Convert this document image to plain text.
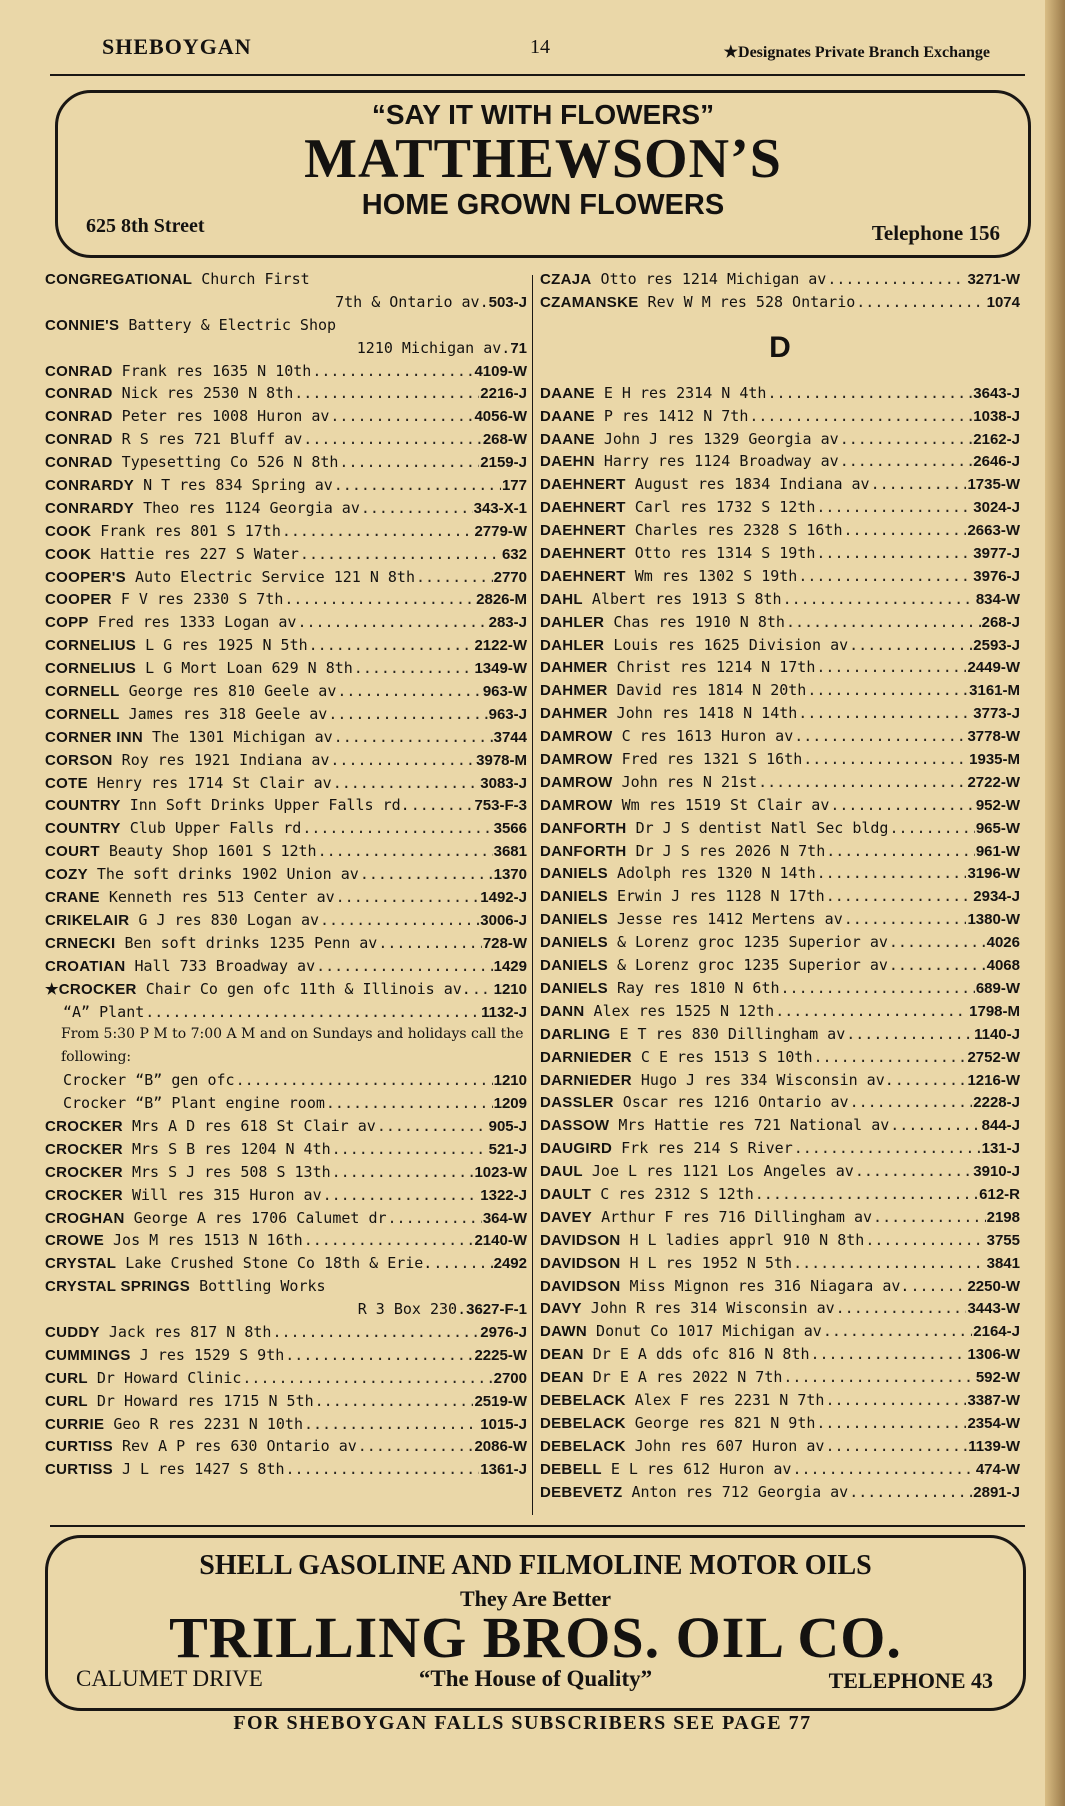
SHEBOYGAN	14	★Designates Private Branch Exchange
“SAY IT WITH FLOWERS”
MATTHEWSON’S
HOME GROWN FLOWERS
625 8th Street	Telephone 156
CONGREGATIONAL Church First
7th & Ontario av.503-J
CONNIE'S Battery & Electric Shop
1210 Michigan av.71
CONRAD Frank res 1635 N 10th .....	4109-W
CONRAD Nick res 2530 N 8th .....	2216-J
CONRAD Peter res 1008 Huron av .....	4056-W
CONRAD R S res 721 Bluff av .....	268-W
CONRAD Typesetting Co 526 N 8th .....	2159-J
CONRARDY N T res 834 Spring av .....	177
CONRARDY Theo res 1124 Georgia av .....	343-X-1
COOK Frank res 801 S 17th .....	2779-W
COOK Hattie res 227 S Water .....	632
COOPER'S Auto Electric Service 121 N 8th .....	2770
COOPER F V res 2330 S 7th .....	2826-M
COPP Fred res 1333 Logan av .....	283-J
CORNELIUS L G res 1925 N 5th .....	2122-W
CORNELIUS L G Mort Loan 629 N 8th .....	1349-W
CORNELL George res 810 Geele av .....	963-W
CORNELL James res 318 Geele av .....	963-J
CORNER INN The 1301 Michigan av .....	3744
CORSON Roy res 1921 Indiana av .....	3978-M
COTE Henry res 1714 St Clair av .....	3083-J
COUNTRY Inn Soft Drinks Upper Falls rd. .....	753-F-3
COUNTRY Club Upper Falls rd .....	3566
COURT Beauty Shop 1601 S 12th .....	3681
COZY The soft drinks 1902 Union av .....	1370
CRANE Kenneth res 513 Center av .....	1492-J
CRIKELAIR G J res 830 Logan av .....	3006-J
CRNECKI Ben soft drinks 1235 Penn av .....	728-W
CROATIAN Hall 733 Broadway av .....	1429
★CROCKER Chair Co gen ofc 11th & Illinois av. ..... 1210
“A” Plant .....	1132-J
From 5:30 P M to 7:00 A M and on Sundays and holidays call the following:
Crocker “B” gen ofc .....	1210
Crocker “B” Plant engine room .....	1209
CROCKER Mrs A D res 618 St Clair av .....	905-J
CROCKER Mrs S B res 1204 N 4th .....	521-J
CROCKER Mrs S J res 508 S 13th .....	1023-W
CROCKER Will res 315 Huron av .....	1322-J
CROGHAN George A res 1706 Calumet dr .....	364-W
CROWE Jos M res 1513 N 16th .....	2140-W
CRYSTAL Lake Crushed Stone Co 18th & Erie. .....	2492
CRYSTAL SPRINGS Bottling Works
R 3 Box 230.3627-F-1
CUDDY Jack res 817 N 8th .....	2976-J
CUMMINGS J res 1529 S 9th .....	2225-W
CURL Dr Howard Clinic .....	2700
CURL Dr Howard res 1715 N 5th .....	2519-W
CURRIE Geo R res 2231 N 10th .....	1015-J
CURTISS Rev A P res 630 Ontario av .....	2086-W
CURTISS J L res 1427 S 8th .....	1361-J
CZAJA Otto res 1214 Michigan av .....	3271-W
CZAMANSKE Rev W M res 528 Ontario .....	1074
D
DAANE E H res 2314 N 4th .....	3643-J
DAANE P res 1412 N 7th .....	1038-J
DAANE John J res 1329 Georgia av .....	2162-J
DAEHN Harry res 1124 Broadway av .....	2646-J
DAEHNERT August res 1834 Indiana av .....	1735-W
DAEHNERT Carl res 1732 S 12th .....	3024-J
DAEHNERT Charles res 2328 S 16th .....	2663-W
DAEHNERT Otto res 1314 S 19th .....	3977-J
DAEHNERT Wm res 1302 S 19th .....	3976-J
DAHL Albert res 1913 S 8th .....	834-W
DAHLER Chas res 1910 N 8th .....	268-J
DAHLER Louis res 1625 Division av .....	2593-J
DAHMER Christ res 1214 N 17th .....	2449-W
DAHMER David res 1814 N 20th .....	3161-M
DAHMER John res 1418 N 14th .....	3773-J
DAMROW C res 1613 Huron av .....	3778-W
DAMROW Fred res 1321 S 16th .....	1935-M
DAMROW John res N 21st .....	2722-W
DAMROW Wm res 1519 St Clair av .....	952-W
DANFORTH Dr J S dentist Natl Sec bldg .....	965-W
DANFORTH Dr J S res 2026 N 7th .....	961-W
DANIELS Adolph res 1320 N 14th .....	3196-W
DANIELS Erwin J res 1128 N 17th .....	2934-J
DANIELS Jesse res 1412 Mertens av .....	1380-W
DANIELS & Lorenz groc 1235 Superior av .....	4026
DANIELS & Lorenz groc 1235 Superior av .....	4068
DANIELS Ray res 1810 N 6th .....	689-W
DANN Alex res 1525 N 12th .....	1798-M
DARLING E T res 830 Dillingham av .....	1140-J
DARNIEDER C E res 1513 S 10th .....	2752-W
DARNIEDER Hugo J res 334 Wisconsin av. .....	1216-W
DASSLER Oscar res 1216 Ontario av .....	2228-J
DASSOW Mrs Hattie res 721 National av .....	844-J
DAUGIRD Frk res 214 S River .....	131-J
DAUL Joe L res 1121 Los Angeles av .....	3910-J
DAULT C res 2312 S 12th .....	612-R
DAVEY Arthur F res 716 Dillingham av .....	2198
DAVIDSON H L ladies apprl 910 N 8th .....	3755
DAVIDSON H L res 1952 N 5th .....	3841
DAVIDSON Miss Mignon res 316 Niagara av. .....	2250-W
DAVY John R res 314 Wisconsin av .....	3443-W
DAWN Donut Co 1017 Michigan av .....	2164-J
DEAN Dr E A dds ofc 816 N 8th .....	1306-W
DEAN Dr E A res 2022 N 7th .....	592-W
DEBELACK Alex F res 2231 N 7th .....	3387-W
DEBELACK George res 821 N 9th .....	2354-W
DEBELACK John res 607 Huron av .....	1139-W
DEBELL E L res 612 Huron av .....	474-W
DEBEVETZ Anton res 712 Georgia av .....	2891-J
SHELL GASOLINE AND FILMOLINE MOTOR OILS
They Are Better
TRILLING BROS. OIL CO.
CALUMET DRIVE	“The House of Quality”	TELEPHONE 43
FOR SHEBOYGAN FALLS SUBSCRIBERS SEE PAGE 77
